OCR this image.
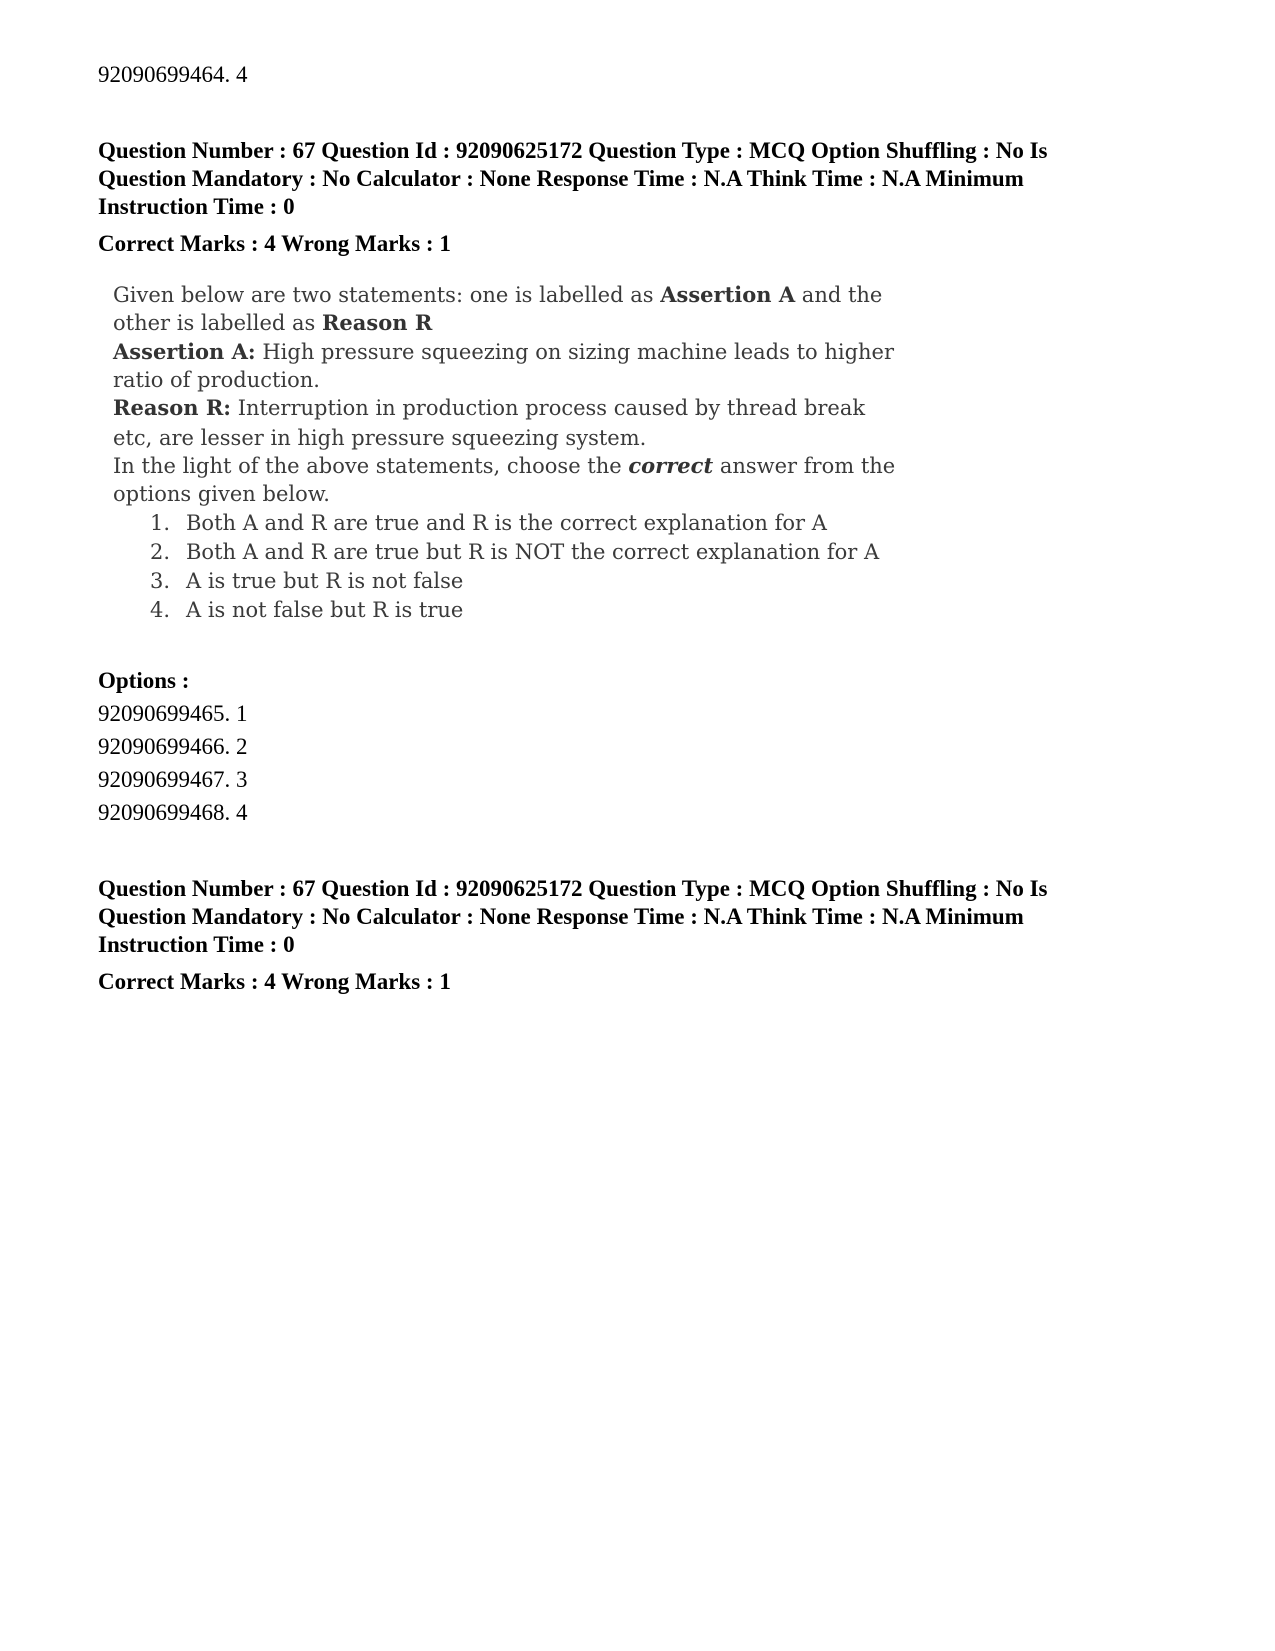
92090699464. 4
Question Number : 67 Question Id : 92090625172 Question Type : MCQ Option Shuffling : No Is
Question Mandatory : No Calculator : None Response Time : N.A Think Time : N.A Minimum
Instruction Time : 0
Correct Marks : 4 Wrong Marks : 1
Given below are two statements: one is labelled as Assertion A and the
other is labelled as Reason R
Assertion A: High pressure squeezing on sizing machine leads to higher
ratio of production.
Reason R: Interruption in production process caused by thread break
etc, are lesser in high pressure squeezing system.
In the light of the above statements, choose the correct answer from the
options given below.
1. Both A and R are true and R is the correct explanation for A
2. Both A and R are true but R is NOT the correct explanation for A
3. A is true but R is not false
4. A is not false but R is true
Options :
92090699465. 1
92090699466. 2
92090699467. 3
92090699468. 4
Question Number : 67 Question Id : 92090625172 Question Type : MCQ Option Shuffling : No Is
Question Mandatory : No Calculator : None Response Time : N.A Think Time : N.A Minimum
Instruction Time : 0
Correct Marks : 4 Wrong Marks : 1
